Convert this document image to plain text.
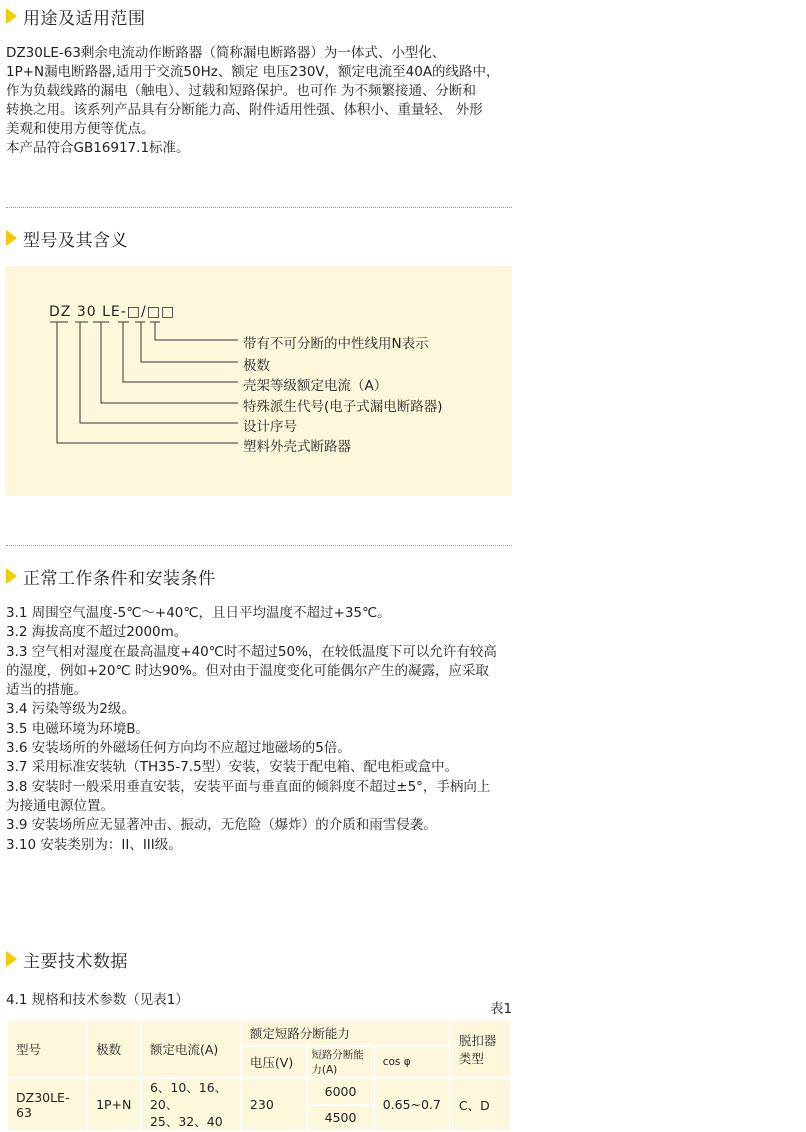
用途及适用范围

DZ30LE-63剩余电流动作断路器（简称漏电断路器）为一体式、小型化、

1P+N漏电断路器,适用于交流50Hz、额定 电压230V，额定电流至40A的线路中，

作为负载线路的漏电（触电）、过载和短路保护。也可作 为不频繁接通、分断和

转换之用。该系列产品具有分断能力高、附件适用性强、体积小、重量轻、 外形

美观和使用方便等优点。

本产品符合GB16917.1标准。

型号及其含义
DZ 30 LE-□/□□
带有不可分断的中性线用N表示
极数
壳架等级额定电流（A）
特殊派生代号(电子式漏电断路器)
设计序号
塑料外壳式断路器
正常工作条件和安装条件

3.1 周围空气温度-5℃～+40℃，且日平均温度不超过+35℃。

3.2 海拔高度不超过2000m。

3.3 空气相对湿度在最高温度+40℃时不超过50%，在较低温度下可以允许有较高

的湿度，例如+20℃ 时达90%。但对由于温度变化可能偶尔产生的凝露，应采取

适当的措施。

3.4 污染等级为2级。

3.5 电磁环境为环境B。

3.6 安装场所的外磁场任何方向均不应超过地磁场的5倍。

3.7 采用标准安装轨（TH35-7.5型）安装，安装于配电箱、配电柜或盒中。

3.8 安装时一般采用垂直安装，安装平面与垂直面的倾斜度不超过±5°，手柄向上

为接通电源位置。

3.9 安装场所应无显著冲击、振动，无危险（爆炸）的介质和雨雪侵袭。

3.10 安装类别为：II、III级。

主要技术数据
4.1 规格和技术参数（见表1）
表1
型号	极数	额定电流(A)	额定短路分断能力			脱扣器类型
			电压(V)	短路分断能力(A)	cos φ	
DZ30LE-63	1P+N	6、10、16、20、
25、32、40	230	6000	0.65~0.7	C、D
				4500		
